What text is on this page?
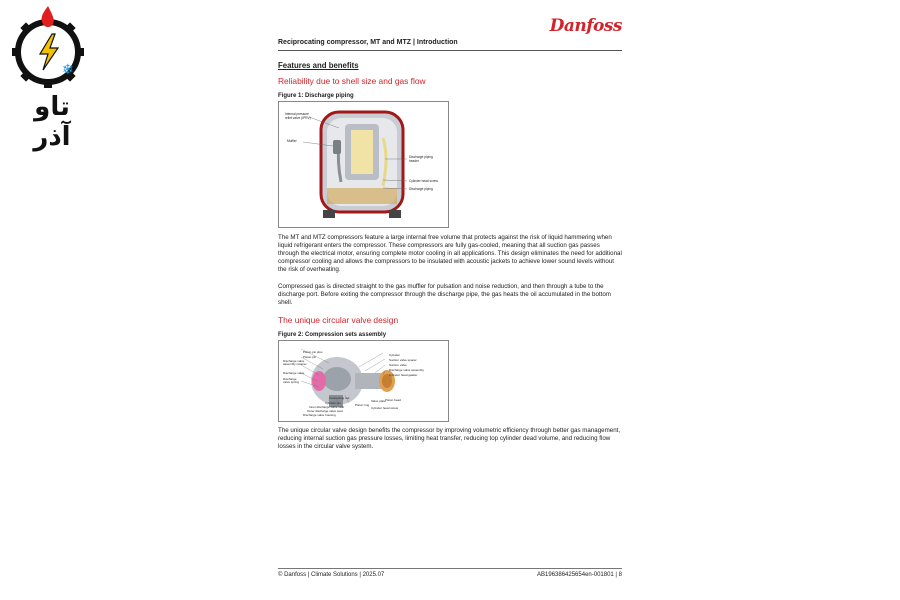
❄
تاو آذر
Danfoss
Reciprocating compressor, MT and MTZ | Introduction
Features and benefits
Reliability due to shell size and gas flow
Figure 1: Discharge piping
Internal pressure relief valve (IPRV)
Muffler
Discharge piping header
Cylinder head screw
Discharge piping
The MT and MTZ compressors feature a large internal free volume that protects against the risk of liquid hammering when liquid refrigerant enters the compressor. These compressors are fully gas-cooled, meaning that all suction gas passes through the electrical motor, ensuring complete motor cooling in all applications. This design eliminates the need for additional compressor cooling and allows the compressors to be insulated with acoustic jackets to achieve lower sound levels without the risk of overheating.
Compressed gas is directed straight to the gas muffler for pulsation and noise reduction, and then through a tube to the discharge port. Before exiting the compressor through the discharge pipe, the gas heats the oil accumulated in the bottom shell.
The unique circular valve design
Figure 2: Compression sets assembly
Piston pin plus
Piston pin
Discharge valve assembly retainer
Discharge valve
Discharge valve spring
Cylinder
Suction valve spacer
Suction valve
Discharge valve assembly
Cylinder head gasket
Connecting rod
Cylinder pin	Valve plate
Piston ring
Piston head
Cylinder head screw
Inner discharge valve seat
Outer discharge valve seat
Discharge valve housing
The unique circular valve design benefits the compressor by improving volumetric efficiency through better gas management, reducing internal suction gas pressure losses, limiting heat transfer, reducing top cylinder dead volume, and reducing flow losses in the circular valve system.
© Danfoss | Climate Solutions | 2025.07	AB196386425654en-001801 | 8
